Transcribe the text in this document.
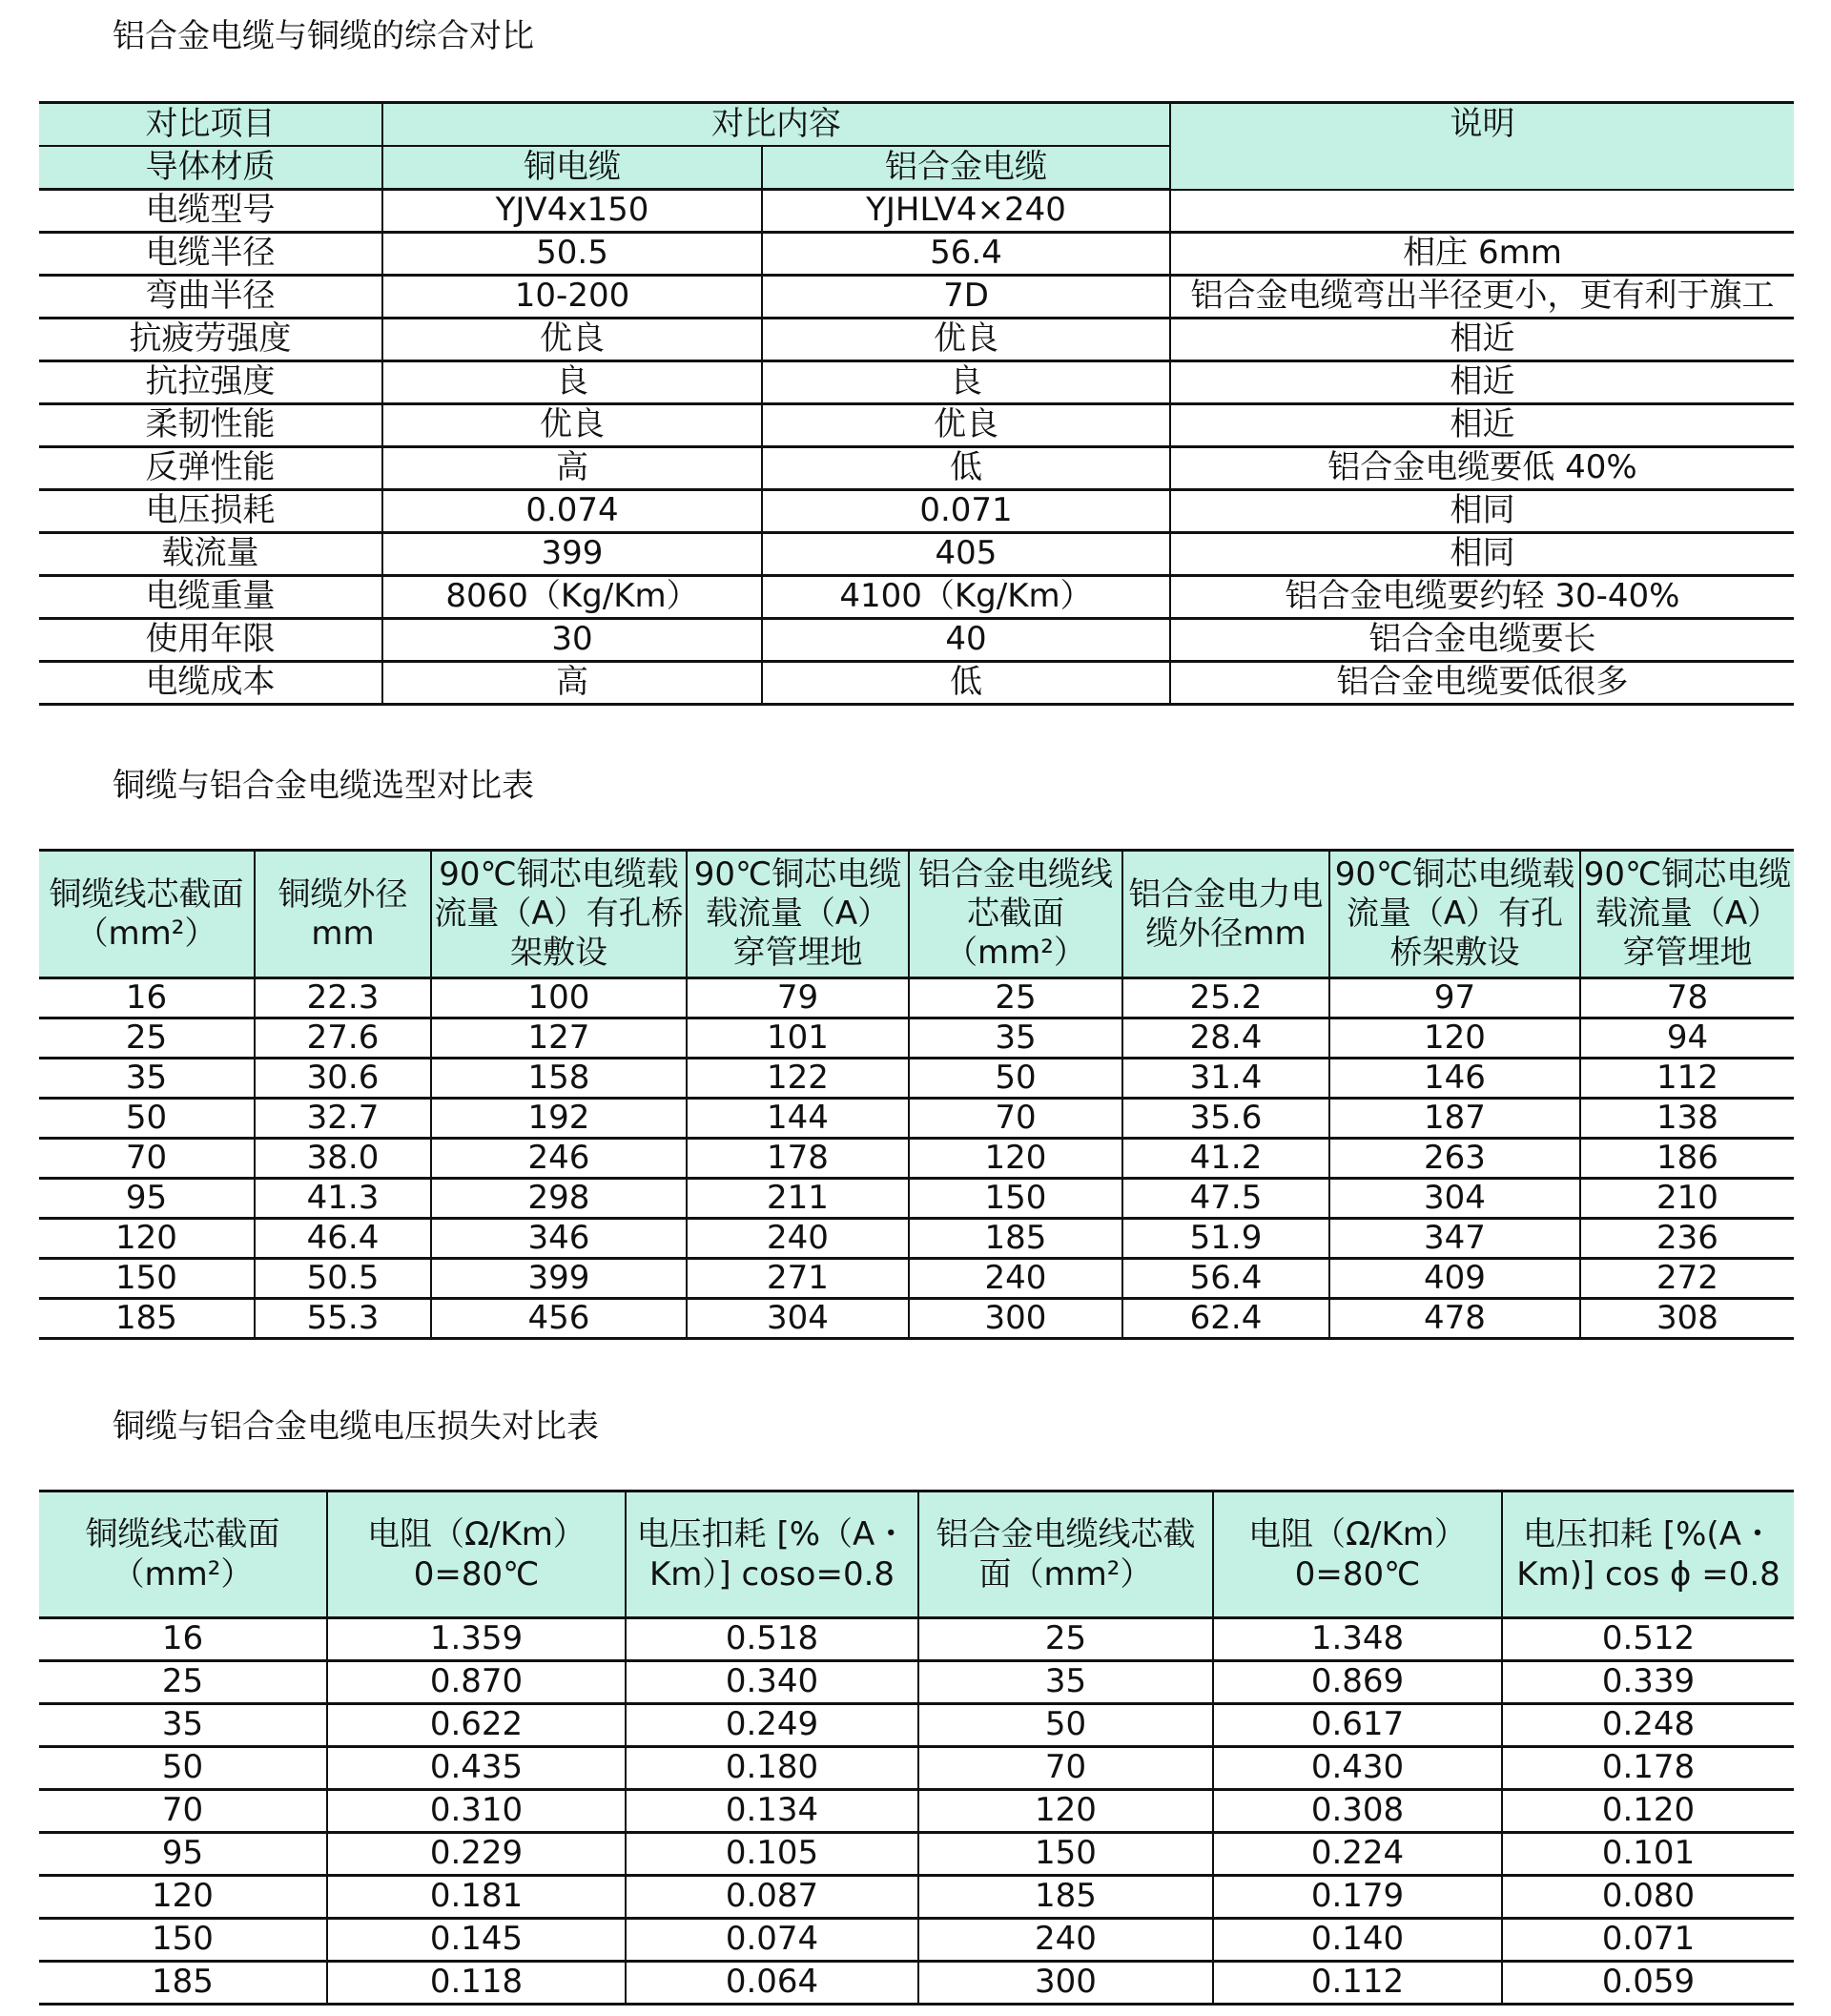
铝合金电缆与铜缆的综合对比
对比项目	对比内容		说明
导体材质	铜电缆	铝合金电缆	
电缆型号	YJV4x150	YJHLV4×240	
电缆半径	50.5	56.4	相庄 6mm
弯曲半径	10-200	7D	铝合金电缆弯出半径更小，更有利于旗工
抗疲劳强度	优良	优良	相近
抗拉强度	良	良	相近
柔韧性能	优良	优良	相近
反弹性能	高	低	铝合金电缆要低 40%
电压损耗	0.074	0.071	相同
载流量	399	405	相同
电缆重量	8060（Kg/Km）	4100（Kg/Km）	铝合金电缆要约轻 30-40%
使用年限	30	40	铝合金电缆要长
电缆成本	高	低	铝合金电缆要低很多
铜缆与铝合金电缆选型对比表
铜缆线芯截面（mm²）	铜缆外径mm	90℃铜芯电缆载流量（A）有孔桥架敷设	90℃铜芯电缆载流量（A）穿管埋地	铝合金电缆线芯截面（mm²）	铝合金电力电缆外径mm	90℃铜芯电缆载流量（A）有孔桥架敷设	90℃铜芯电缆载流量（A）穿管埋地
16	22.3	100	79	25	25.2	97	78
25	27.6	127	101	35	28.4	120	94
35	30.6	158	122	50	31.4	146	112
50	32.7	192	144	70	35.6	187	138
70	38.0	246	178	120	41.2	263	186
95	41.3	298	211	150	47.5	304	210
120	46.4	346	240	185	51.9	347	236
150	50.5	399	271	240	56.4	409	272
185	55.3	456	304	300	62.4	478	308
铜缆与铝合金电缆电压损失对比表
铜缆线芯截面（mm²）	电阻（Ω/Km）0=80℃	电压扣耗 [%（A・Km）] coso=0.8	铝合金电缆线芯截面（mm²）	电阻（Ω/Km）0=80℃	电压扣耗 [%(A・Km)] cos ϕ =0.8
16	1.359	0.518	25	1.348	0.512
25	0.870	0.340	35	0.869	0.339
35	0.622	0.249	50	0.617	0.248
50	0.435	0.180	70	0.430	0.178
70	0.310	0.134	120	0.308	0.120
95	0.229	0.105	150	0.224	0.101
120	0.181	0.087	185	0.179	0.080
150	0.145	0.074	240	0.140	0.071
185	0.118	0.064	300	0.112	0.059
